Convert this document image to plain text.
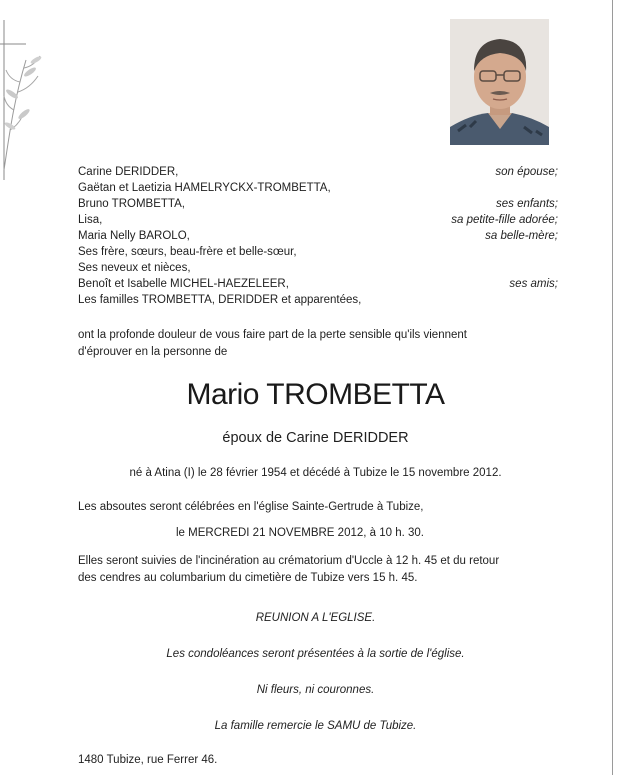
Carine DERIDDER,	son épouse;
Gaëtan et Laetizia HAMELRYCKX-TROMBETTA,
Bruno TROMBETTA,	ses enfants;
Lisa,	sa petite-fille adorée;
Maria Nelly BAROLO,	sa belle-mère;
Ses frère, sœurs, beau-frère et belle-sœur,
Ses neveux et nièces,
Benoît et Isabelle MICHEL-HAEZELEER,	ses amis;
Les familles TROMBETTA, DERIDDER et apparentées,
ont la profonde douleur de vous faire part de la perte sensible qu'ils viennent
d'éprouver en la personne de
Mario TROMBETTA
époux de Carine DERIDDER
né à Atina (I) le 28 février 1954 et décédé à Tubize le 15 novembre 2012.
Les absoutes seront célébrées en l'église Sainte-Gertrude à Tubize,
le MERCREDI 21 NOVEMBRE 2012, à 10 h. 30.
Elles seront suivies de l'incinération au crématorium d'Uccle à 12 h. 45 et du retour
des cendres au columbarium du cimetière de Tubize vers 15 h. 45.
REUNION A L'EGLISE.
Les condoléances seront présentées à la sortie de l'église.
Ni fleurs, ni couronnes.
La famille remercie le SAMU de Tubize.
1480 Tubize, rue Ferrer 46.
